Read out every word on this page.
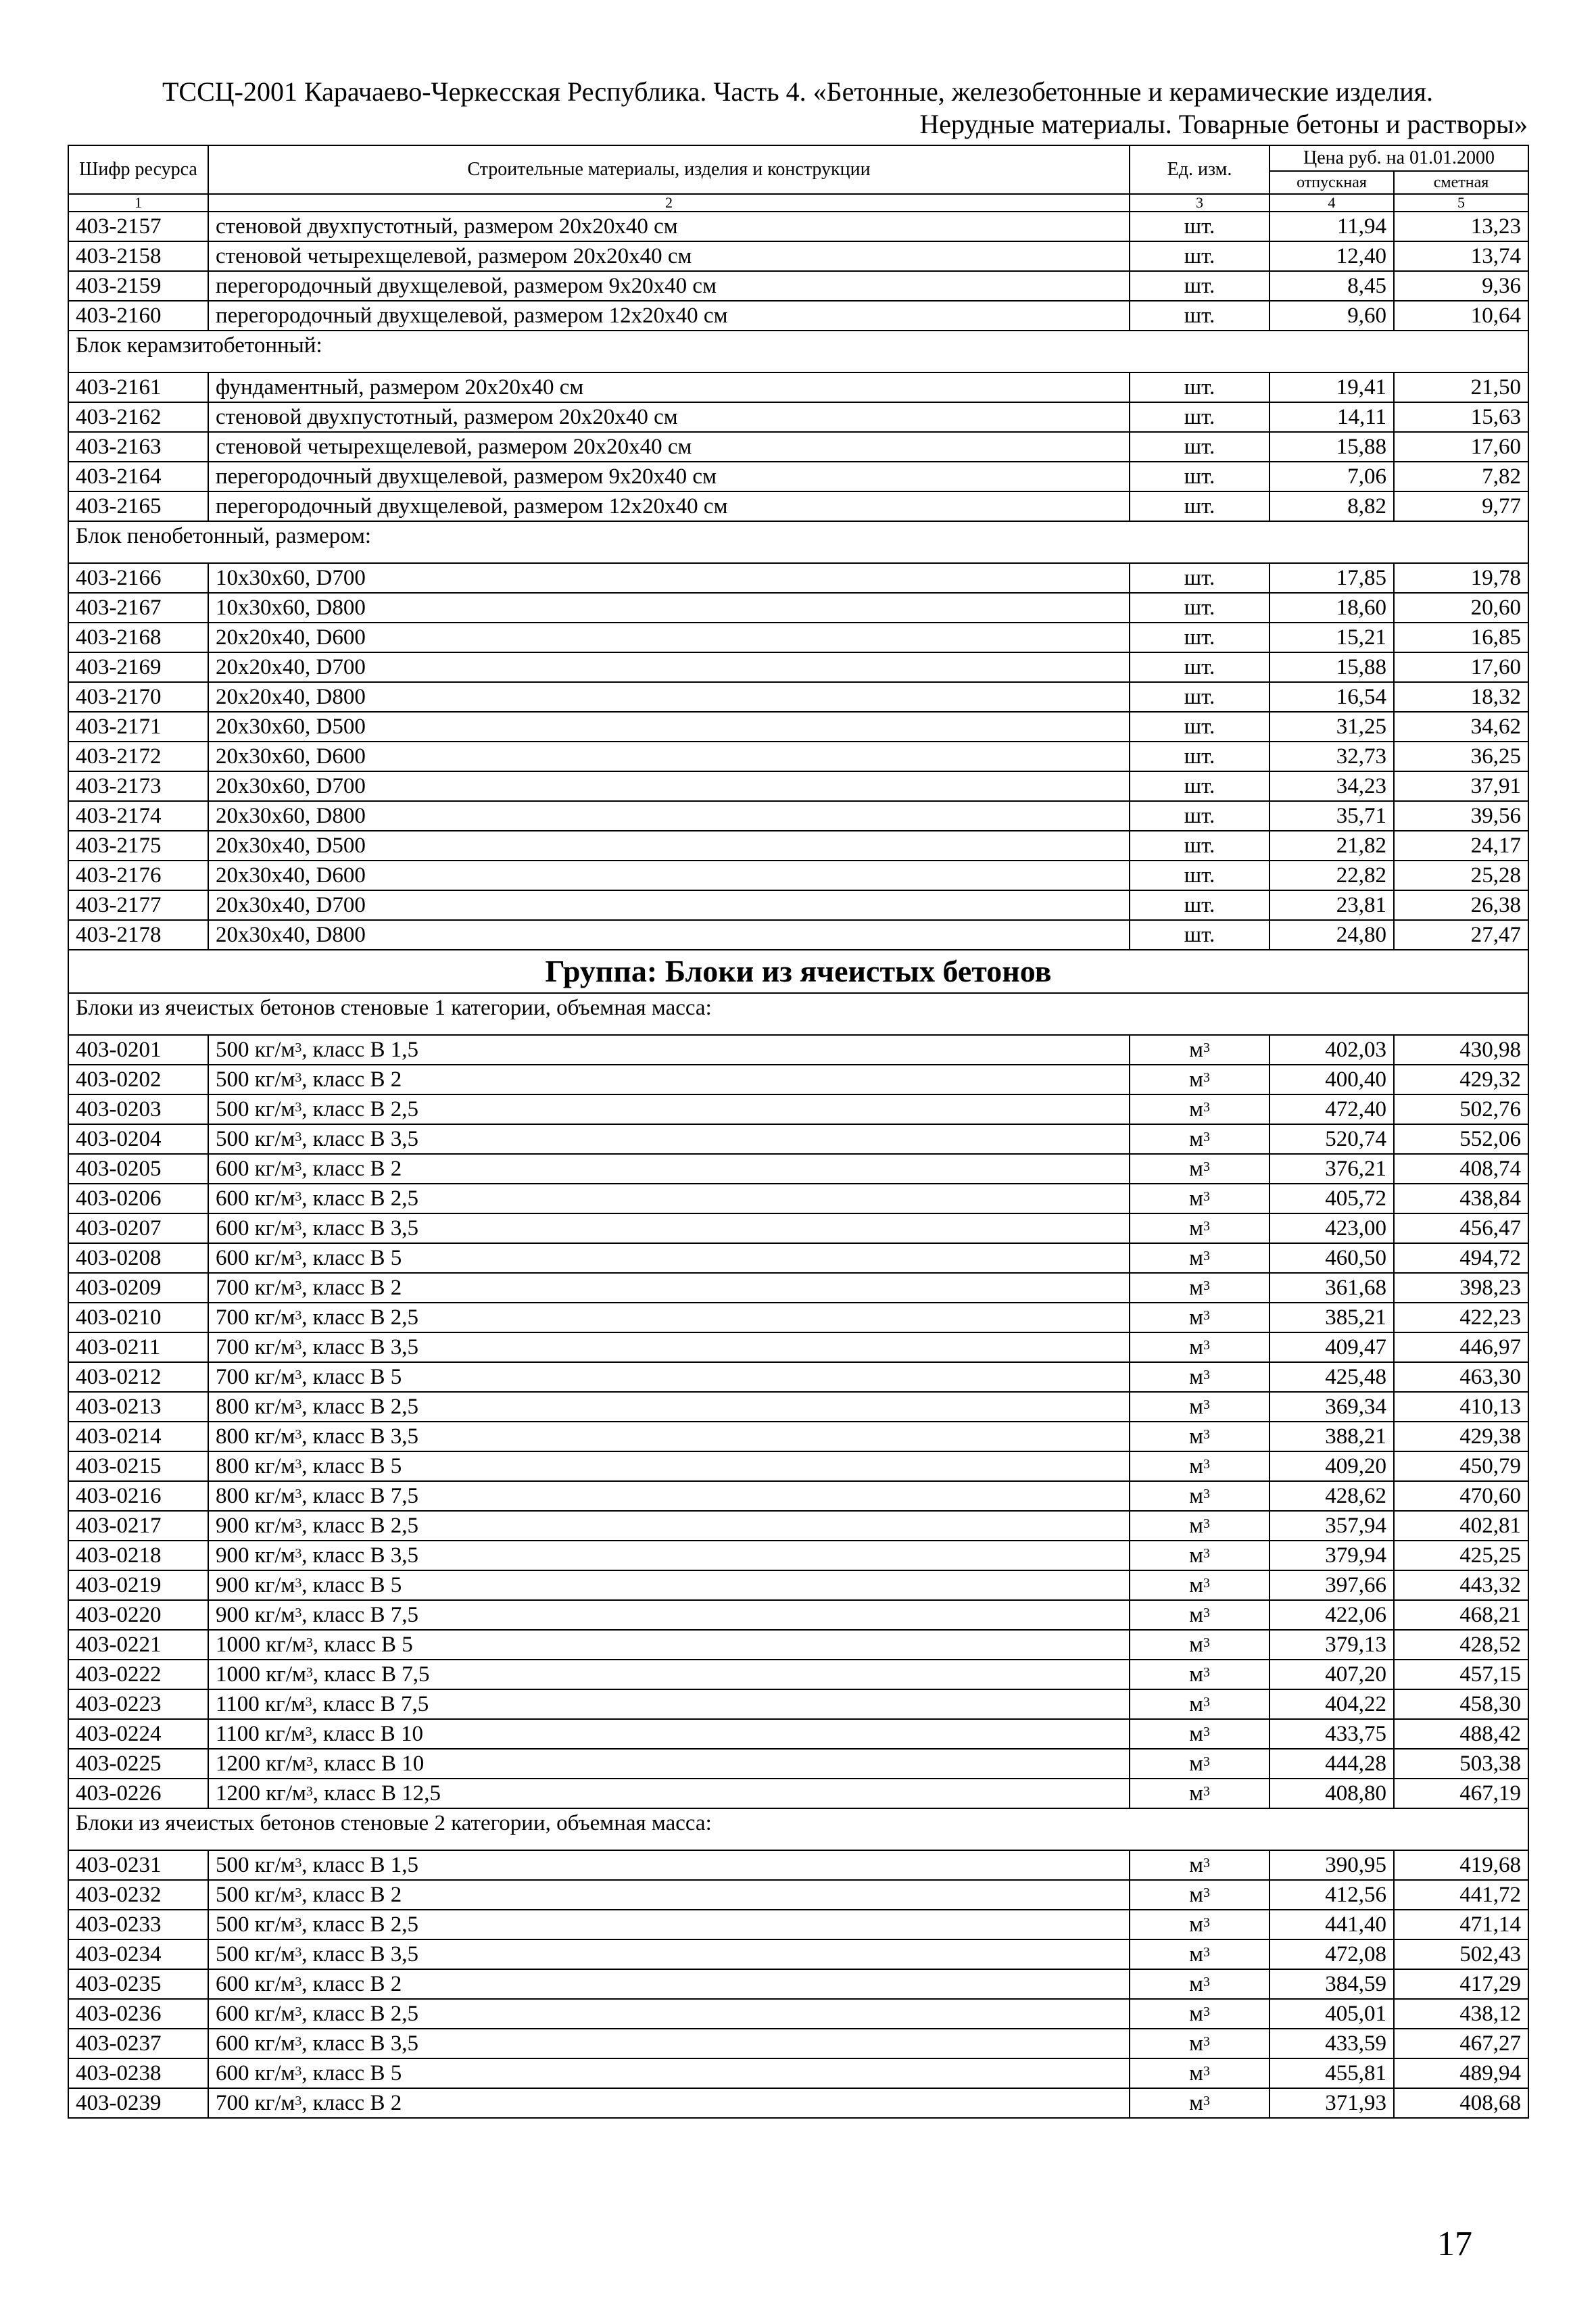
ТССЦ-2001 Карачаево-Черкесская Республика. Часть 4. «Бетонные, железобетонные и керамические изделия.
Нерудные материалы. Товарные бетоны и растворы»
Шифр ресурса	Строительные материалы, изделия и конструкции	Ед. изм.	Цена руб. на 01.01.2000	
			отпускная	сметная
1	2	3	4	5
403-2157	стеновой двухпустотный, размером 20х20х40 см	шт.	11,94	13,23
403-2158	стеновой четырехщелевой, размером 20х20х40 см	шт.	12,40	13,74
403-2159	перегородочный двухщелевой, размером 9х20х40 см	шт.	8,45	9,36
403-2160	перегородочный двухщелевой, размером 12х20х40 см	шт.	9,60	10,64
Блок керамзитобетонный:				
403-2161	фундаментный, размером 20х20х40 см	шт.	19,41	21,50
403-2162	стеновой двухпустотный, размером 20х20х40 см	шт.	14,11	15,63
403-2163	стеновой четырехщелевой, размером 20х20х40 см	шт.	15,88	17,60
403-2164	перегородочный двухщелевой, размером 9х20х40 см	шт.	7,06	7,82
403-2165	перегородочный двухщелевой, размером 12х20х40 см	шт.	8,82	9,77
Блок пенобетонный, размером:				
403-2166	10х30х60, D700	шт.	17,85	19,78
403-2167	10х30х60, D800	шт.	18,60	20,60
403-2168	20х20х40, D600	шт.	15,21	16,85
403-2169	20х20х40, D700	шт.	15,88	17,60
403-2170	20х20х40, D800	шт.	16,54	18,32
403-2171	20х30х60, D500	шт.	31,25	34,62
403-2172	20х30х60, D600	шт.	32,73	36,25
403-2173	20х30х60, D700	шт.	34,23	37,91
403-2174	20х30х60, D800	шт.	35,71	39,56
403-2175	20х30х40, D500	шт.	21,82	24,17
403-2176	20х30х40, D600	шт.	22,82	25,28
403-2177	20х30х40, D700	шт.	23,81	26,38
403-2178	20х30х40, D800	шт.	24,80	27,47
Группа: Блоки из ячеистых бетонов				
Блоки из ячеистых бетонов стеновые 1 категории, объемная масса:				
403-0201	500 $кг/м^3$, класс В 1,5	$м^3$	402,03	430,98
403-0202	500 $кг/м^3$, класс В 2	$м^3$	400,40	429,32
403-0203	500 $кг/м^3$, класс В 2,5	$м^3$	472,40	502,76
403-0204	500 $кг/м^3$, класс В 3,5	$м^3$	520,74	552,06
403-0205	600 $кг/м^3$, класс В 2	$м^3$	376,21	408,74
403-0206	600 $кг/м^3$, класс В 2,5	$м^3$	405,72	438,84
403-0207	600 $кг/м^3$, класс В 3,5	$м^3$	423,00	456,47
403-0208	600 $кг/м^3$, класс В 5	$м^3$	460,50	494,72
403-0209	700 $кг/м^3$, класс В 2	$м^3$	361,68	398,23
403-0210	700 $кг/м^3$, класс В 2,5	$м^3$	385,21	422,23
403-0211	700 $кг/м^3$, класс В 3,5	$м^3$	409,47	446,97
403-0212	700 $кг/м^3$, класс В 5	$м^3$	425,48	463,30
403-0213	800 $кг/м^3$, класс В 2,5	$м^3$	369,34	410,13
403-0214	800 $кг/м^3$, класс В 3,5	$м^3$	388,21	429,38
403-0215	800 $кг/м^3$, класс В 5	$м^3$	409,20	450,79
403-0216	800 $кг/м^3$, класс В 7,5	$м^3$	428,62	470,60
403-0217	900 $кг/м^3$, класс В 2,5	$м^3$	357,94	402,81
403-0218	900 $кг/м^3$, класс В 3,5	$м^3$	379,94	425,25
403-0219	900 $кг/м^3$, класс В 5	$м^3$	397,66	443,32
403-0220	900 $кг/м^3$, класс В 7,5	$м^3$	422,06	468,21
403-0221	1000 $кг/м^3$, класс В 5	$м^3$	379,13	428,52
403-0222	1000 $кг/м^3$, класс В 7,5	$м^3$	407,20	457,15
403-0223	1100 $кг/м^3$, класс В 7,5	$м^3$	404,22	458,30
403-0224	1100 $кг/м^3$, класс В 10	$м^3$	433,75	488,42
403-0225	1200 $кг/м^3$, класс В 10	$м^3$	444,28	503,38
403-0226	1200 $кг/м^3$, класс В 12,5	$м^3$	408,80	467,19
Блоки из ячеистых бетонов стеновые 2 категории, объемная масса:				
403-0231	500 $кг/м^3$, класс В 1,5	$м^3$	390,95	419,68
403-0232	500 $кг/м^3$, класс В 2	$м^3$	412,56	441,72
403-0233	500 $кг/м^3$, класс В 2,5	$м^3$	441,40	471,14
403-0234	500 $кг/м^3$, класс В 3,5	$м^3$	472,08	502,43
403-0235	600 $кг/м^3$, класс В 2	$м^3$	384,59	417,29
403-0236	600 $кг/м^3$, класс В 2,5	$м^3$	405,01	438,12
403-0237	600 $кг/м^3$, класс В 3,5	$м^3$	433,59	467,27
403-0238	600 $кг/м^3$, класс В 5	$м^3$	455,81	489,94
403-0239	700 $кг/м^3$, класс В 2	$м^3$	371,93	408,68
17
